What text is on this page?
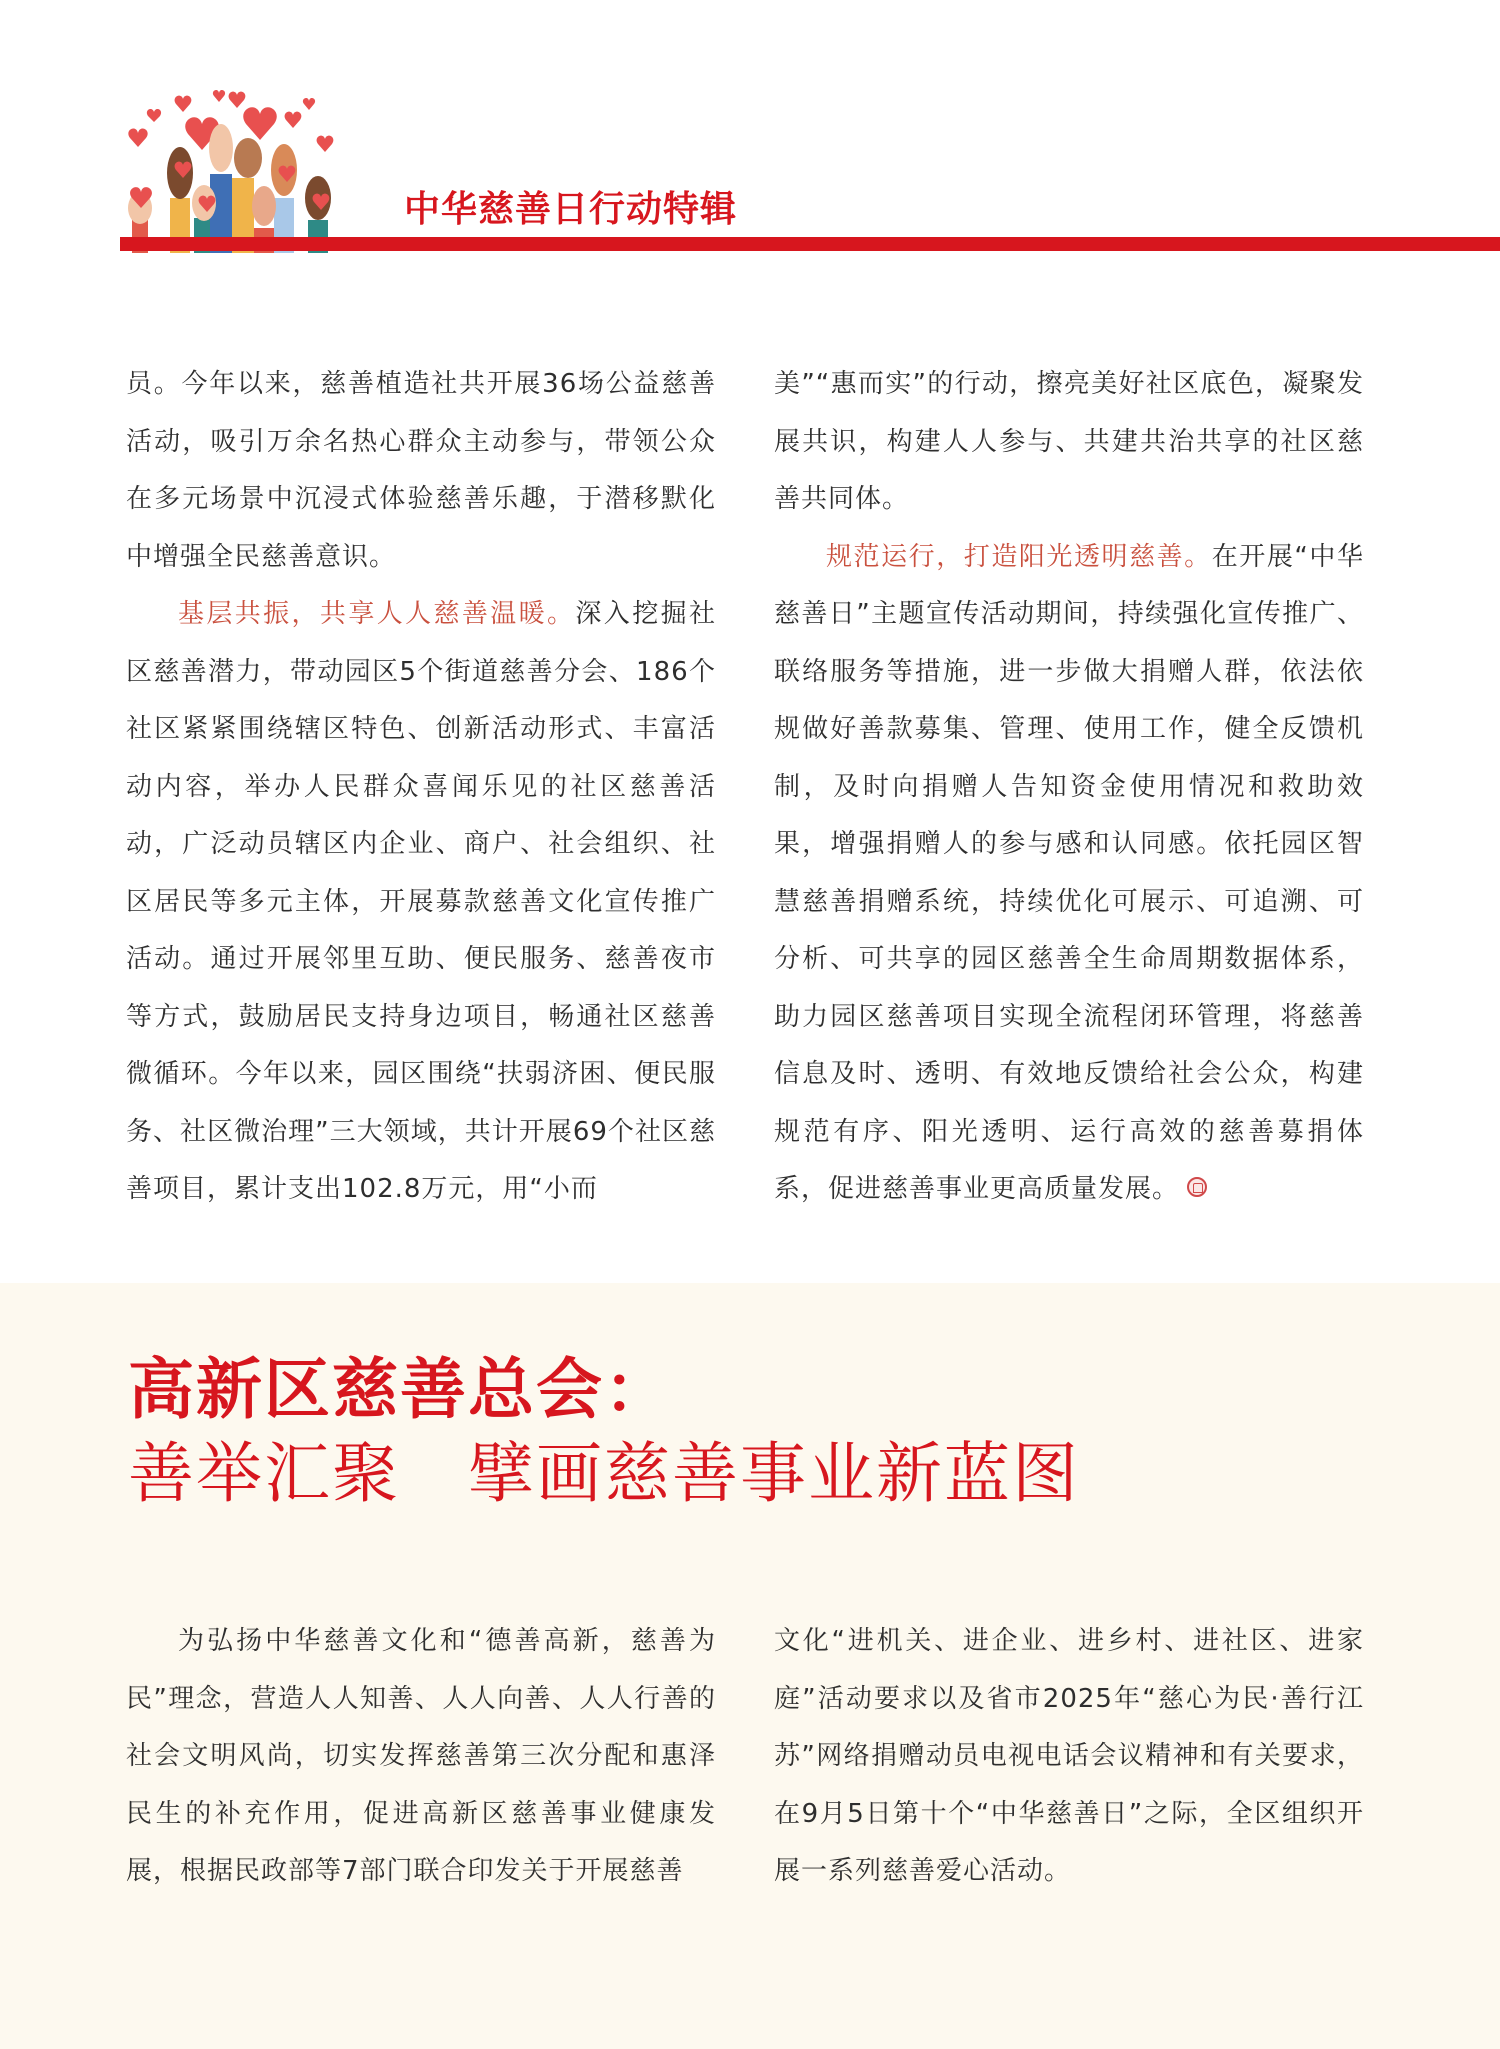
中华慈善日行动特辑

员。今年以来，慈善植造社共开展36场公益慈善活动，吸引万余名热心群众主动参与，带领公众在多元场景中沉浸式体验慈善乐趣，于潜移默化中增强全民慈善意识。

基层共振，共享人人慈善温暖。深入挖掘社区慈善潜力，带动园区5个街道慈善分会、186个社区紧紧围绕辖区特色、创新活动形式、丰富活动内容，举办人民群众喜闻乐见的社区慈善活动，广泛动员辖区内企业、商户、社会组织、社区居民等多元主体，开展募款慈善文化宣传推广活动。通过开展邻里互助、便民服务、慈善夜市等方式，鼓励居民支持身边项目，畅通社区慈善微循环。今年以来，园区围绕“扶弱济困、便民服务、社区微治理”三大领域，共计开展69个社区慈善项目，累计支出102.8万元，用“小而

美”“惠而实”的行动，擦亮美好社区底色，凝聚发展共识，构建人人参与、共建共治共享的社区慈善共同体。

规范运行，打造阳光透明慈善。在开展“中华慈善日”主题宣传活动期间，持续强化宣传推广、联络服务等措施，进一步做大捐赠人群，依法依规做好善款募集、管理、使用工作，健全反馈机制，及时向捐赠人告知资金使用情况和救助效果，增强捐赠人的参与感和认同感。依托园区智慧慈善捐赠系统，持续优化可展示、可追溯、可分析、可共享的园区慈善全生命周期数据体系，助力园区慈善项目实现全流程闭环管理，将慈善信息及时、透明、有效地反馈给社会公众，构建规范有序、阳光透明、运行高效的慈善募捐体系，促进慈善事业更高质量发展。

高新区慈善总会：
善举汇聚　擘画慈善事业新蓝图

为弘扬中华慈善文化和“德善高新，慈善为民”理念，营造人人知善、人人向善、人人行善的社会文明风尚，切实发挥慈善第三次分配和惠泽民生的补充作用，促进高新区慈善事业健康发展，根据民政部等7部门联合印发关于开展慈善

文化“进机关、进企业、进乡村、进社区、进家庭”活动要求以及省市2025年“慈心为民·善行江苏”网络捐赠动员电视电话会议精神和有关要求，在9月5日第十个“中华慈善日”之际，全区组织开展一系列慈善爱心活动。
